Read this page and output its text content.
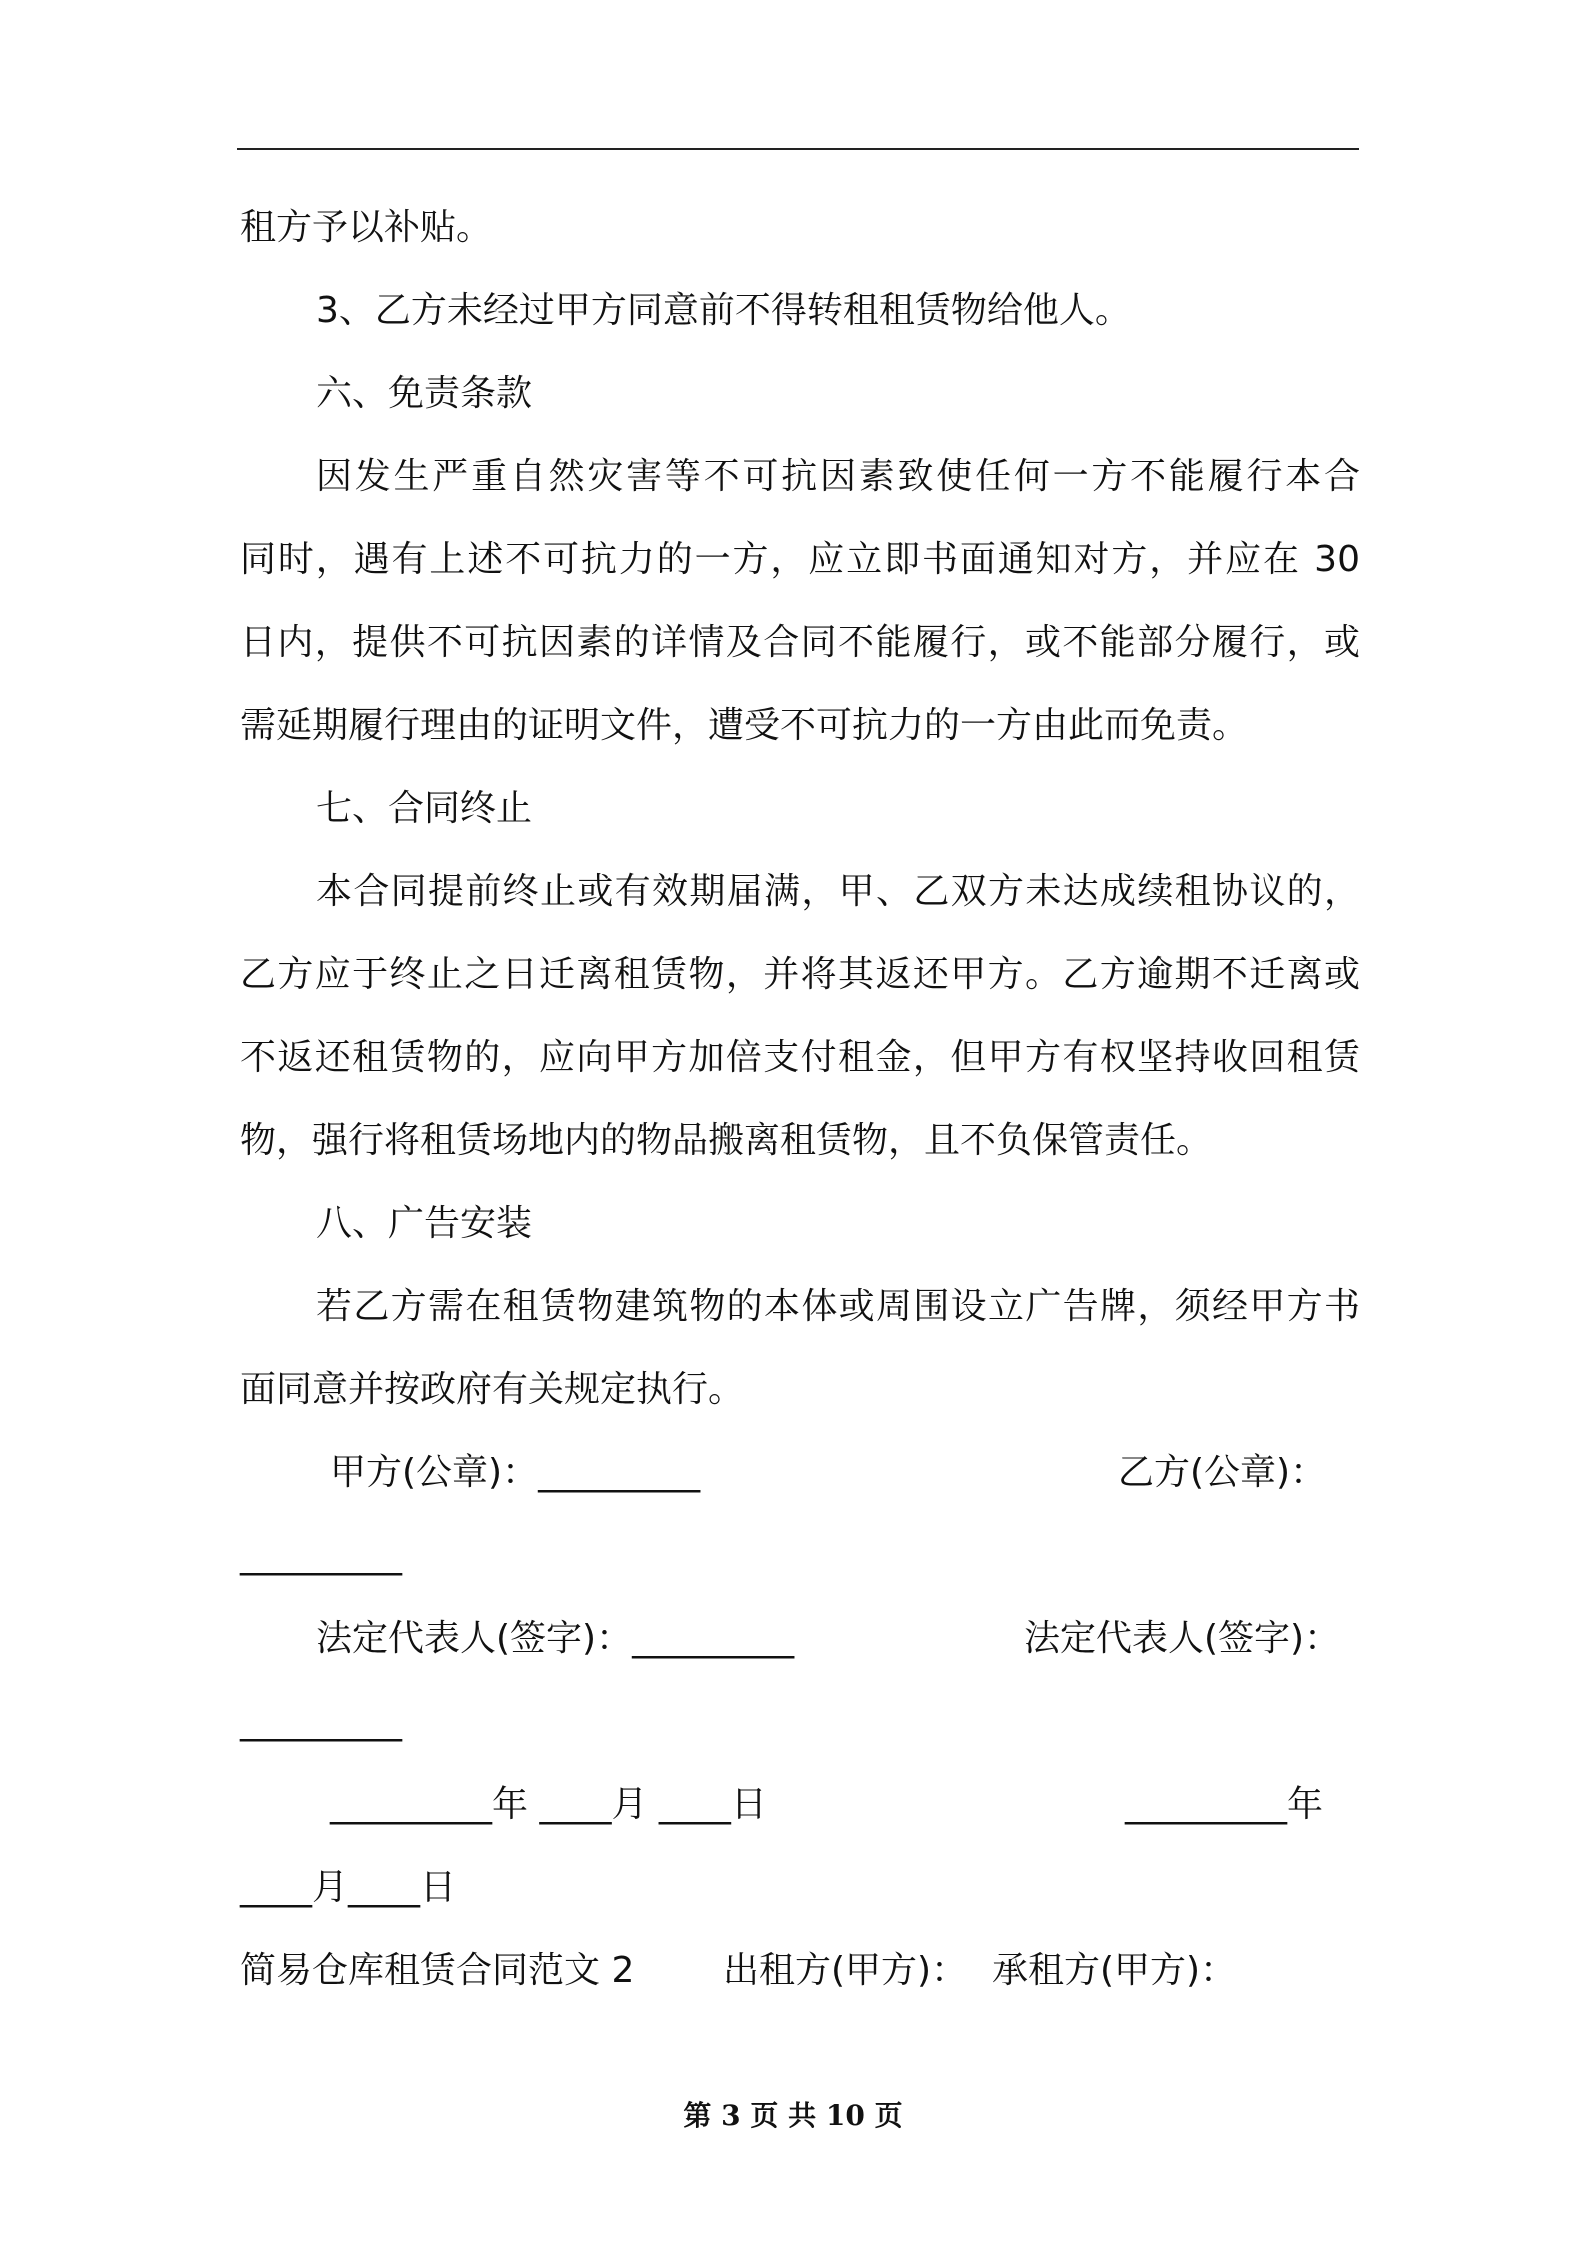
租方予以补贴。
3、乙方未经过甲方同意前不得转租租赁物给他人。
六、免责条款
因发生严重自然灾害等不可抗因素致使任何一方不能履行本合
同时，遇有上述不可抗力的一方，应立即书面通知对方，并应在 30
日内，提供不可抗因素的详情及合同不能履行，或不能部分履行，或
需延期履行理由的证明文件，遭受不可抗力的一方由此而免责。
七、合同终止
本合同提前终止或有效期届满，甲、乙双方未达成续租协议的，
乙方应于终止之日迁离租赁物，并将其返还甲方。乙方逾期不迁离或
不返还租赁物的，应向甲方加倍支付租金，但甲方有权坚持收回租赁
物，强行将租赁场地内的物品搬离租赁物，且不负保管责任。
八、广告安装
若乙方需在租赁物建筑物的本体或周围设立广告牌，须经甲方书
面同意并按政府有关规定执行。
甲方(公章)：_________	乙方(公章)：
_________
法定代表人(签字)：_________	法定代表人(签字)：
_________
_________年 ____月 ____日	_________年
____月____日
简易仓库租赁合同范文 2 出租方(甲方)： 承租方(甲方)：
第 3 页 共 10 页
